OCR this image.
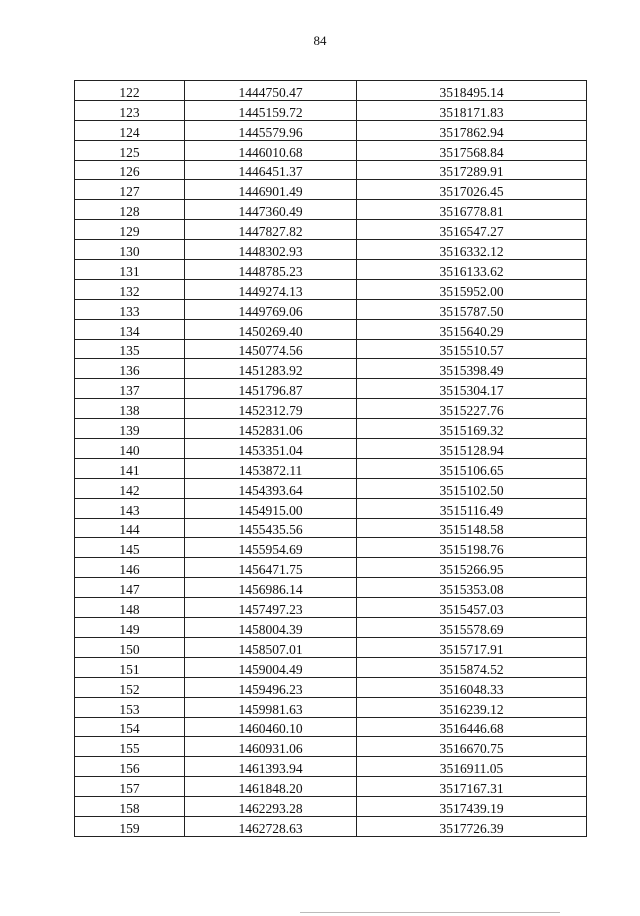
84
122	1444750.47	3518495.14
123	1445159.72	3518171.83
124	1445579.96	3517862.94
125	1446010.68	3517568.84
126	1446451.37	3517289.91
127	1446901.49	3517026.45
128	1447360.49	3516778.81
129	1447827.82	3516547.27
130	1448302.93	3516332.12
131	1448785.23	3516133.62
132	1449274.13	3515952.00
133	1449769.06	3515787.50
134	1450269.40	3515640.29
135	1450774.56	3515510.57
136	1451283.92	3515398.49
137	1451796.87	3515304.17
138	1452312.79	3515227.76
139	1452831.06	3515169.32
140	1453351.04	3515128.94
141	1453872.11	3515106.65
142	1454393.64	3515102.50
143	1454915.00	3515116.49
144	1455435.56	3515148.58
145	1455954.69	3515198.76
146	1456471.75	3515266.95
147	1456986.14	3515353.08
148	1457497.23	3515457.03
149	1458004.39	3515578.69
150	1458507.01	3515717.91
151	1459004.49	3515874.52
152	1459496.23	3516048.33
153	1459981.63	3516239.12
154	1460460.10	3516446.68
155	1460931.06	3516670.75
156	1461393.94	3516911.05
157	1461848.20	3517167.31
158	1462293.28	3517439.19
159	1462728.63	3517726.39
